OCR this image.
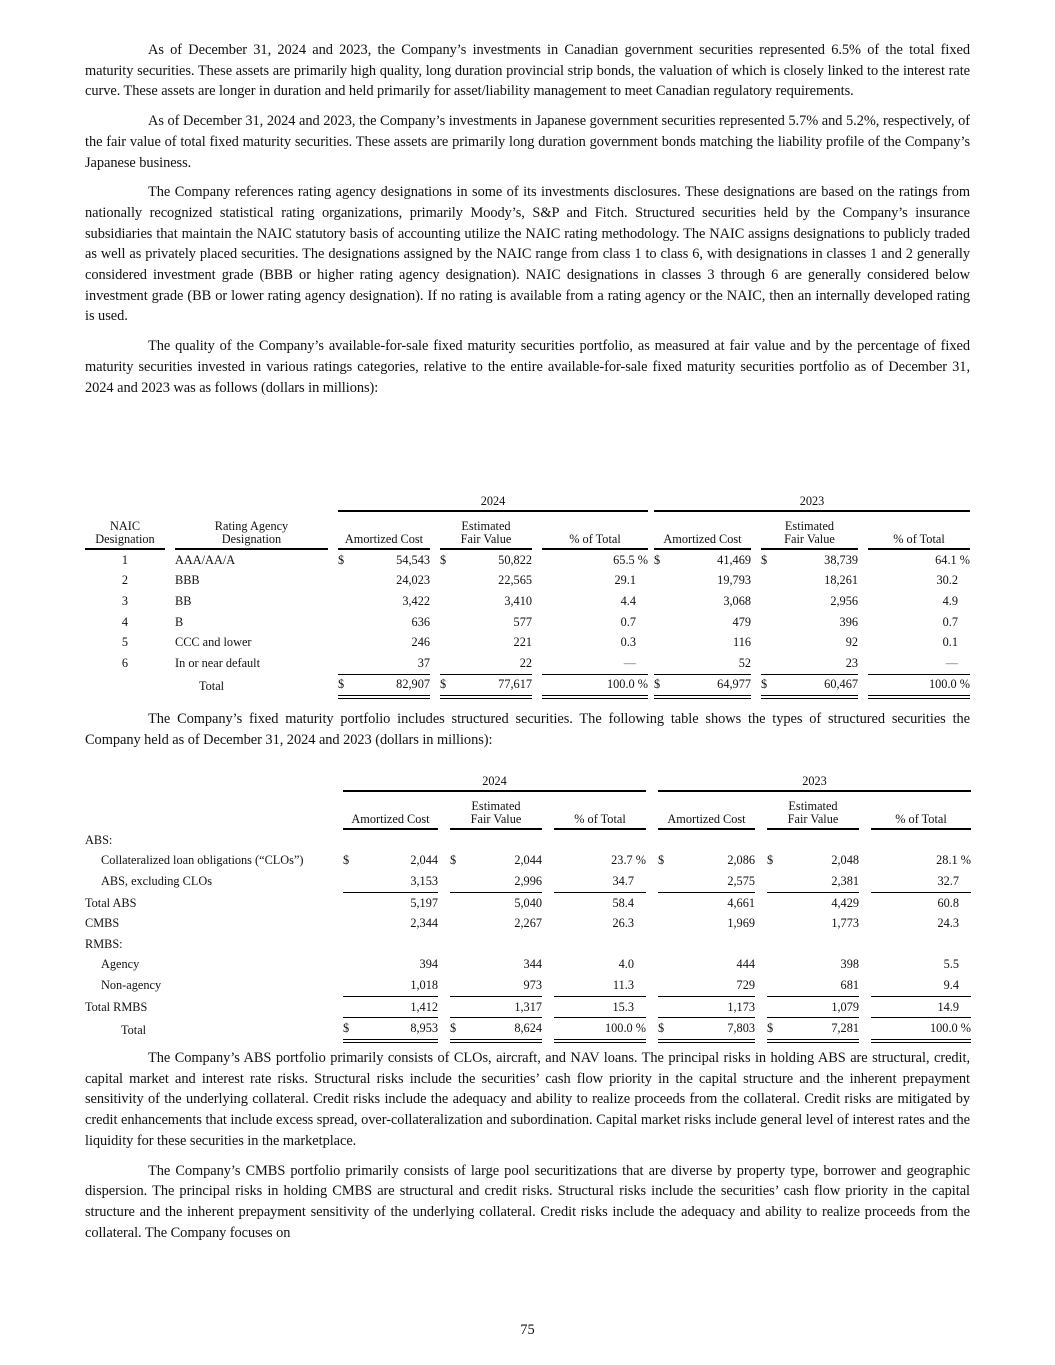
As of December 31, 2024 and 2023, the Company’s investments in Canadian government securities represented 6.5% of the total fixed maturity securities. These assets are primarily high quality, long duration provincial strip bonds, the valuation of which is closely linked to the interest rate curve. These assets are longer in duration and held primarily for asset/liability management to meet Canadian regulatory requirements.

As of December 31, 2024 and 2023, the Company’s investments in Japanese government securities represented 5.7% and 5.2%, respectively, of the fair value of total fixed maturity securities. These assets are primarily long duration government bonds matching the liability profile of the Company’s Japanese business.

The Company references rating agency designations in some of its investments disclosures. These designations are based on the ratings from nationally recognized statistical rating organizations, primarily Moody’s, S&P and Fitch. Structured securities held by the Company’s insurance subsidiaries that maintain the NAIC statutory basis of accounting utilize the NAIC rating methodology. The NAIC assigns designations to publicly traded as well as privately placed securities. The designations assigned by the NAIC range from class 1 to class 6, with designations in classes 1 and 2 generally considered investment grade (BBB or higher rating agency designation). NAIC designations in classes 3 through 6 are generally considered below investment grade (BB or lower rating agency designation). If no rating is available from a rating agency or the NAIC, then an internally developed rating is used.

The quality of the Company’s available-for-sale fixed maturity securities portfolio, as measured at fair value and by the percentage of fixed maturity securities invested in various ratings categories, relative to the entire available-for-sale fixed maturity securities portfolio as of December 31, 2024 and 2023 was as follows (dollars in millions):

				2024						2023				
NAIC
Designation		Rating Agency
Designation		Amortized Cost		Estimated
Fair Value		% of Total		Amortized Cost		Estimated
Fair Value		% of Total
1		AAA/AA/A		$ 54,543		$ 50,822		65.5 %		$ 41,469		$ 38,739		64.1 %
2		BBB		24,023		22,565		29.1		19,793		18,261		30.2
3		BB		3,422		3,410		4.4		3,068		2,956		4.9
4		B		636		577		0.7		479		396		0.7
5		CCC and lower		246		221		0.3		116		92		0.1
6		In or near default		37		22		—		52		23		—
		Total		$ 82,907		$ 77,617		100.0 %		$ 64,977		$ 60,467		100.0 %

The Company’s fixed maturity portfolio includes structured securities. The following table shows the types of structured securities the Company held as of December 31, 2024 and 2023 (dollars in millions):

	2024						2023				
	Amortized Cost		Estimated
Fair Value		% of Total		Amortized Cost		Estimated
Fair Value		% of Total
ABS:											
Collateralized loan obligations (“CLOs”)	$ 2,044		$ 2,044		23.7 %		$ 2,086		$ 2,048		28.1 %
ABS, excluding CLOs	3,153		2,996		34.7		2,575		2,381		32.7
Total ABS	5,197		5,040		58.4		4,661		4,429		60.8
CMBS	2,344		2,267		26.3		1,969		1,773		24.3
RMBS:											
Agency	394		344		4.0		444		398		5.5
Non-agency	1,018		973		11.3		729		681		9.4
Total RMBS	1,412		1,317		15.3		1,173		1,079		14.9
Total	$ 8,953		$ 8,624		100.0 %		$ 7,803		$ 7,281		100.0 %

The Company’s ABS portfolio primarily consists of CLOs, aircraft, and NAV loans. The principal risks in holding ABS are structural, credit, capital market and interest rate risks. Structural risks include the securities’ cash flow priority in the capital structure and the inherent prepayment sensitivity of the underlying collateral. Credit risks include the adequacy and ability to realize proceeds from the collateral. Credit risks are mitigated by credit enhancements that include excess spread, over-collateralization and subordination. Capital market risks include general level of interest rates and the liquidity for these securities in the marketplace.

The Company’s CMBS portfolio primarily consists of large pool securitizations that are diverse by property type, borrower and geographic dispersion. The principal risks in holding CMBS are structural and credit risks. Structural risks include the securities’ cash flow priority in the capital structure and the inherent prepayment sensitivity of the underlying collateral. Credit risks include the adequacy and ability to realize proceeds from the collateral. The Company focuses on

75
